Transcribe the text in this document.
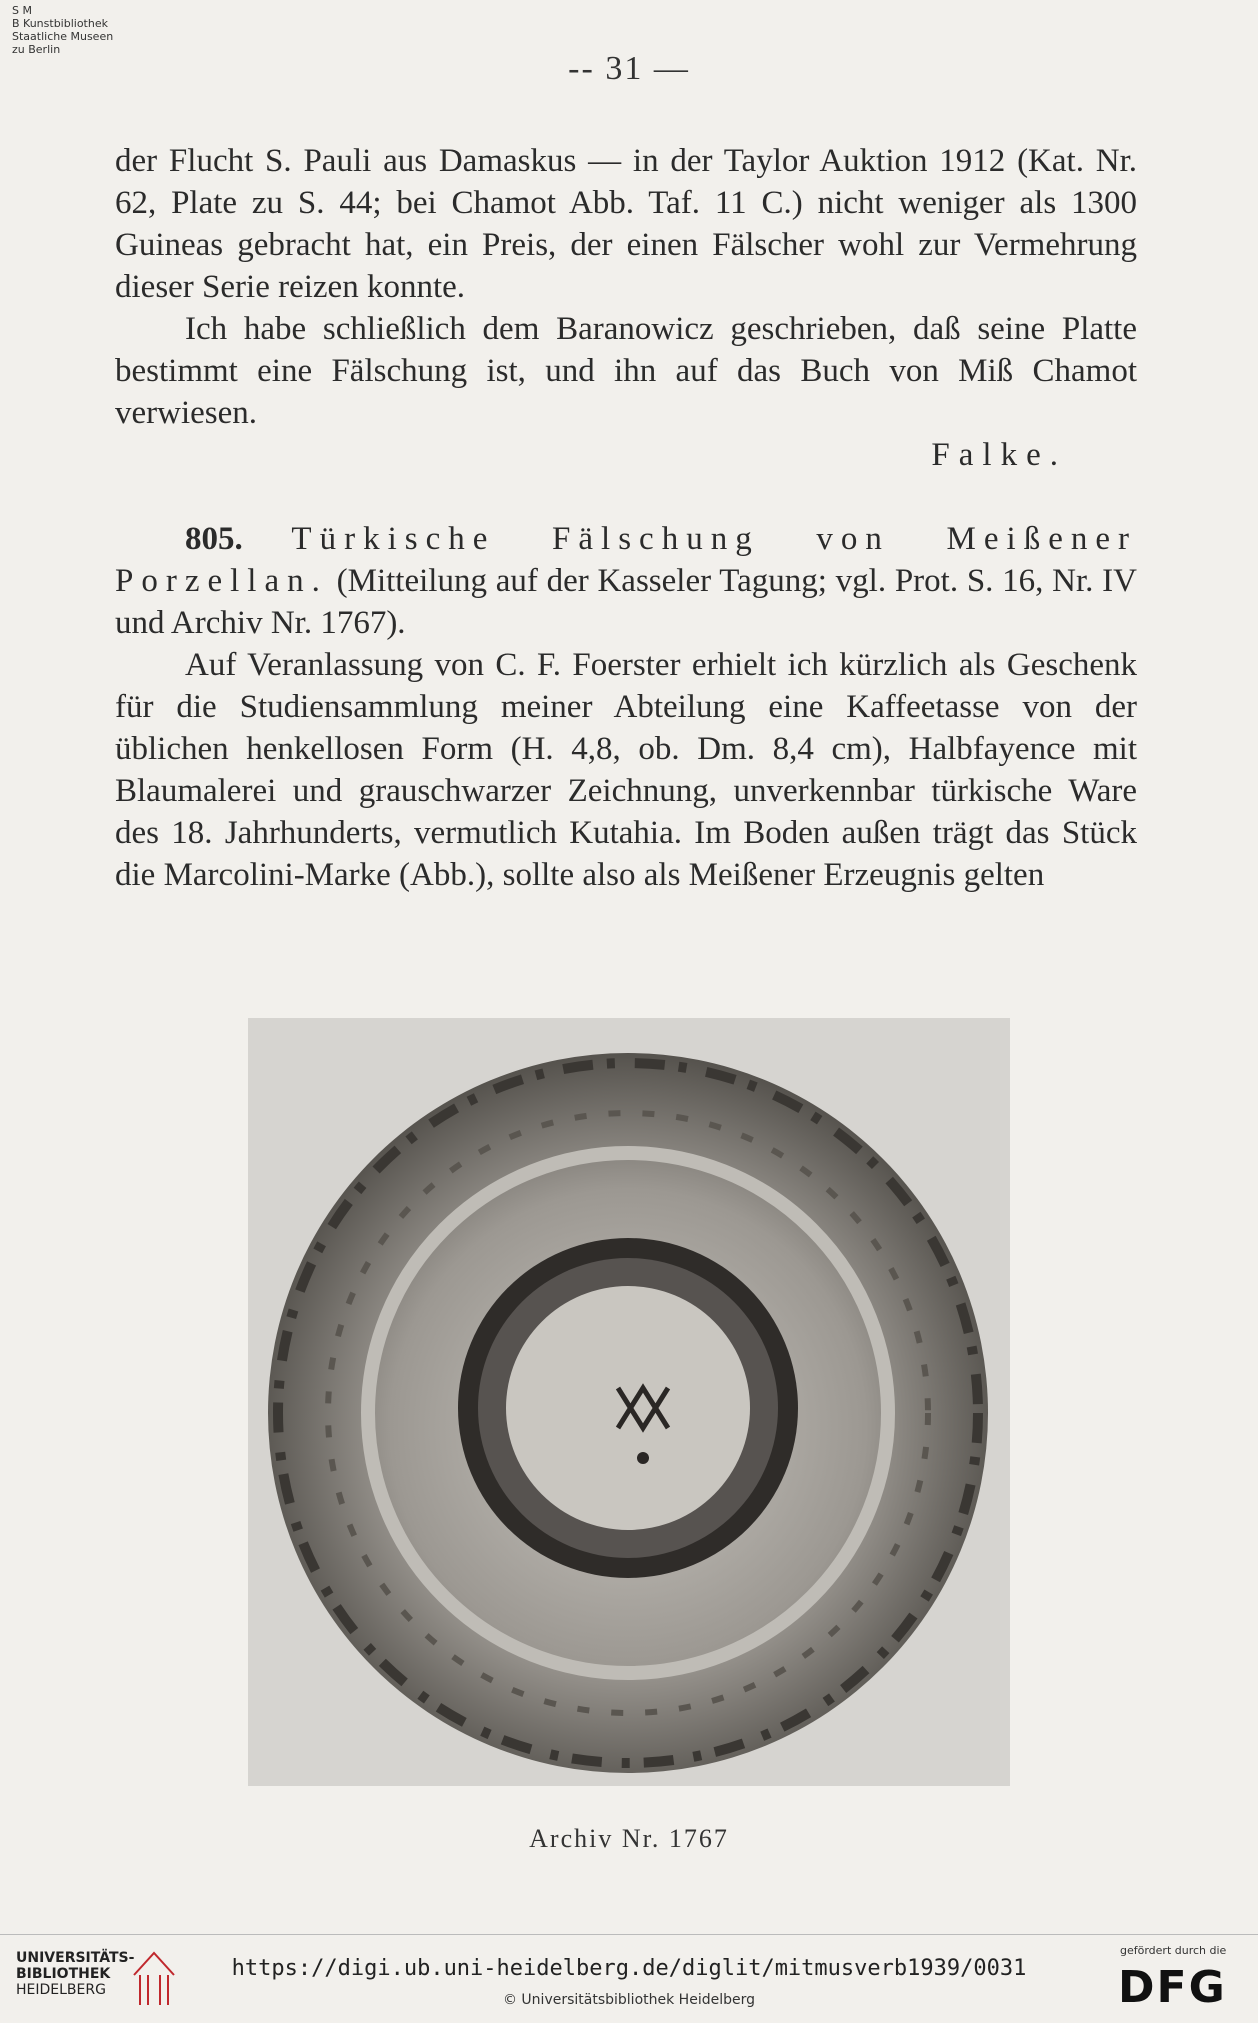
S M
B Kunstbibliothek
Staatliche Museen
zu Berlin
-- 31 —

der Flucht S. Pauli aus Damaskus — in der Taylor Auktion 1912 (Kat. Nr. 62, Plate zu S. 44; bei Chamot Abb. Taf. 11 C.) nicht weniger als 1300 Guineas gebracht hat, ein Preis, der einen Fälscher wohl zur Vermehrung dieser Serie reizen konnte.

Ich habe schließlich dem Baranowicz geschrieben, daß seine Platte bestimmt eine Fälschung ist, und ihn auf das Buch von Miß Chamot verwiesen.

Falke.

805. Türkische Fälschung von Meißener Porzellan. (Mitteilung auf der Kasseler Tagung; vgl. Prot. S. 16, Nr. IV und Archiv Nr. 1767).

Auf Veranlassung von C. F. Foerster erhielt ich kürzlich als Geschenk für die Studiensammlung meiner Abteilung eine Kaffeetasse von der üblichen henkellosen Form (H. 4,8, ob. Dm. 8,4 cm), Halbfayence mit Blaumalerei und grauschwarzer Zeichnung, unverkennbar türkische Ware des 18. Jahrhunderts, vermutlich Kutahia. Im Boden außen trägt das Stück die Marcolini-Marke (Abb.), sollte also als Meißener Erzeugnis gelten

Archiv Nr. 1767
UNIVERSITÄTS-
BIBLIOTHEK
HEIDELBERG
https://digi.ub.uni-heidelberg.de/diglit/mitmusverb1939/0031
© Universitätsbibliothek Heidelberg
gefördert durch die
DFG
